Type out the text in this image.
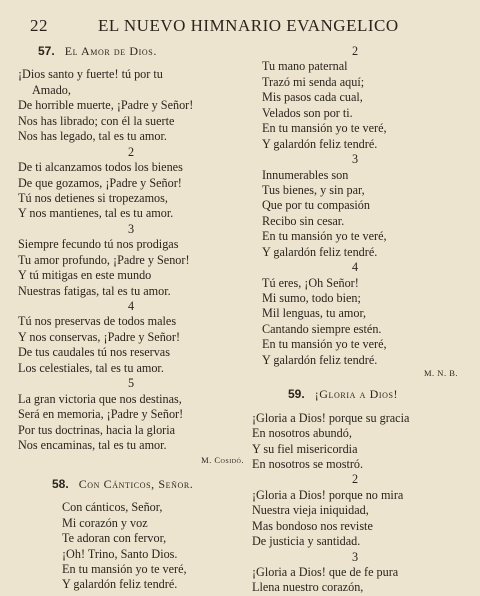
22	EL NUEVO HIMNARIO EVANGELICO
57. El Amor de Dios.
¡Dios santo y fuerte! tú por tu
Amado,
De horrible muerte, ¡Padre y Señor!
Nos has librado; con él la suerte
Nos has legado, tal es tu amor.
2
De ti alcanzamos todos los bienes
De que gozamos, ¡Padre y Señor!
Tú nos detienes si tropezamos,
Y nos mantienes, tal es tu amor.
3
Siempre fecundo tú nos prodigas
Tu amor profundo, ¡Padre y Senor!
Y tú mitigas en este mundo
Nuestras fatigas, tal es tu amor.
4
Tú nos preservas de todos males
Y nos conservas, ¡Padre y Señor!
De tus caudales tú nos reservas
Los celestiales, tal es tu amor.
5
La gran victoria que nos destinas,
Será en memoria, ¡Padre y Señor!
Por tus doctrinas, hacia la gloria
Nos encaminas, tal es tu amor.
M. Cosidó.
58. Con Cánticos, Señor.
Con cánticos, Señor,
Mi corazón y voz
Te adoran con fervor,
¡Oh! Trino, Santo Dios.
En tu mansión yo te veré,
Y galardón feliz tendré.
2
Tu mano paternal
Trazó mi senda aquí;
Mis pasos cada cual,
Velados son por ti.
En tu mansión yo te veré,
Y galardón feliz tendré.
3
Innumerables son
Tus bienes, y sin par,
Que por tu compasión
Recibo sin cesar.
En tu mansión yo te veré,
Y galardón feliz tendré.
4
Tú eres, ¡Oh Señor!
Mi sumo, todo bien;
Mil lenguas, tu amor,
Cantando siempre estén.
En tu mansión yo te veré,
Y galardón feliz tendré.
M. N. B.
59. ¡Gloria a Dios!
¡Gloria a Dios! porque su gracia
En nosotros abundó,
Y su fiel misericordia
En nosotros se mostró.
2
¡Gloria a Dios! porque no mira
Nuestra vieja iniquidad,
Mas bondoso nos reviste
De justicia y santidad.
3
¡Gloria a Dios! que de fe pura
Llena nuestro corazón,
